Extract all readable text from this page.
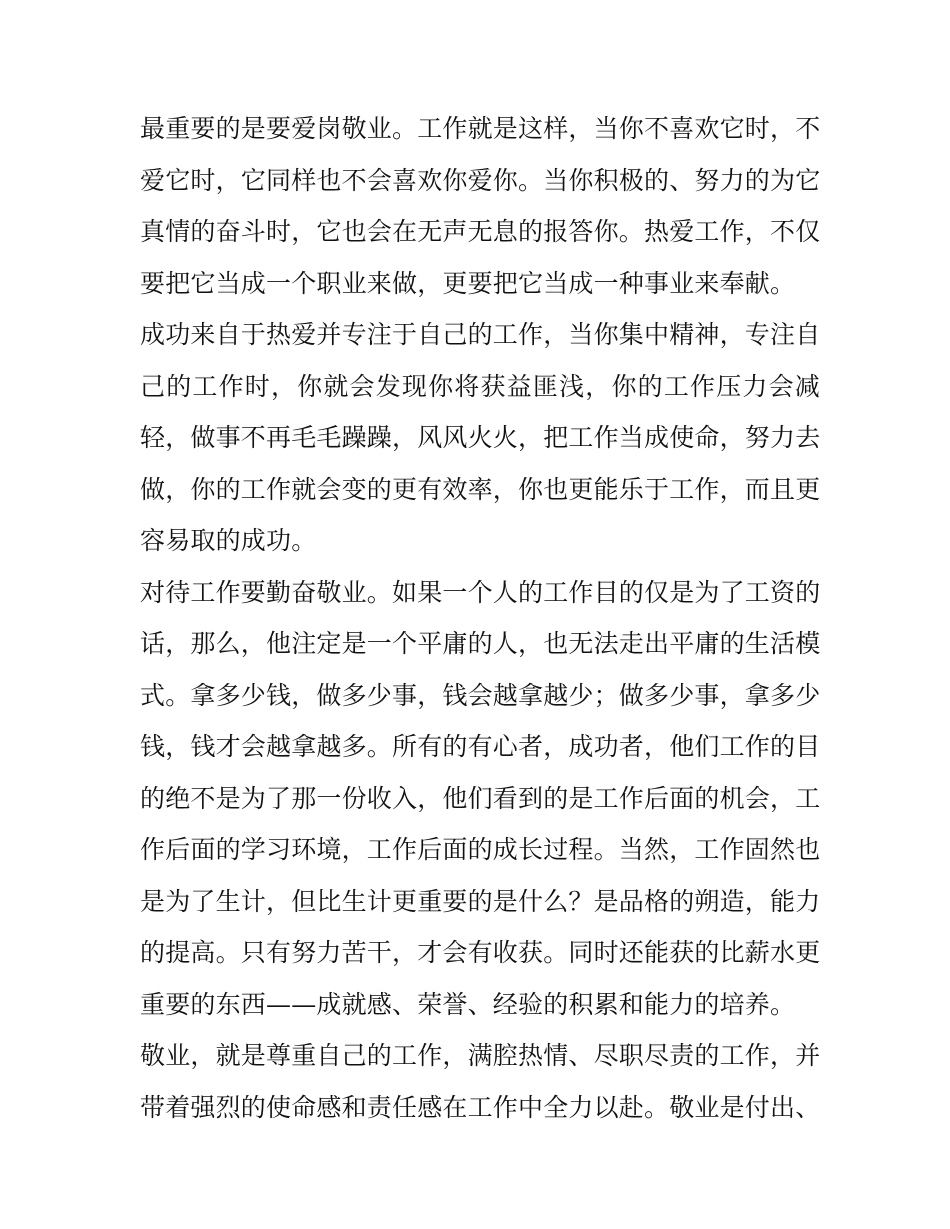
最重要的是要爱岗敬业。工作就是这样，当你不喜欢它时，不
爱它时，它同样也不会喜欢你爱你。当你积极的、努力的为它
真情的奋斗时，它也会在无声无息的报答你。热爱工作，不仅
要把它当成一个职业来做，更要把它当成一种事业来奉献。
成功来自于热爱并专注于自己的工作，当你集中精神，专注自
己的工作时，你就会发现你将获益匪浅，你的工作压力会减
轻，做事不再毛毛躁躁，风风火火，把工作当成使命，努力去
做，你的工作就会变的更有效率，你也更能乐于工作，而且更
容易取的成功。
对待工作要勤奋敬业。如果一个人的工作目的仅是为了工资的
话，那么，他注定是一个平庸的人，也无法走出平庸的生活模
式。拿多少钱，做多少事，钱会越拿越少；做多少事，拿多少
钱，钱才会越拿越多。所有的有心者，成功者，他们工作的目
的绝不是为了那一份收入，他们看到的是工作后面的机会，工
作后面的学习环境，工作后面的成长过程。当然，工作固然也
是为了生计，但比生计更重要的是什么？是品格的朔造，能力
的提高。只有努力苦干，才会有收获。同时还能获的比薪水更
重要的东西——成就感、荣誉、经验的积累和能力的培养。
敬业，就是尊重自己的工作，满腔热情、尽职尽责的工作，并
带着强烈的使命感和责任感在工作中全力以赴。敬业是付出、
